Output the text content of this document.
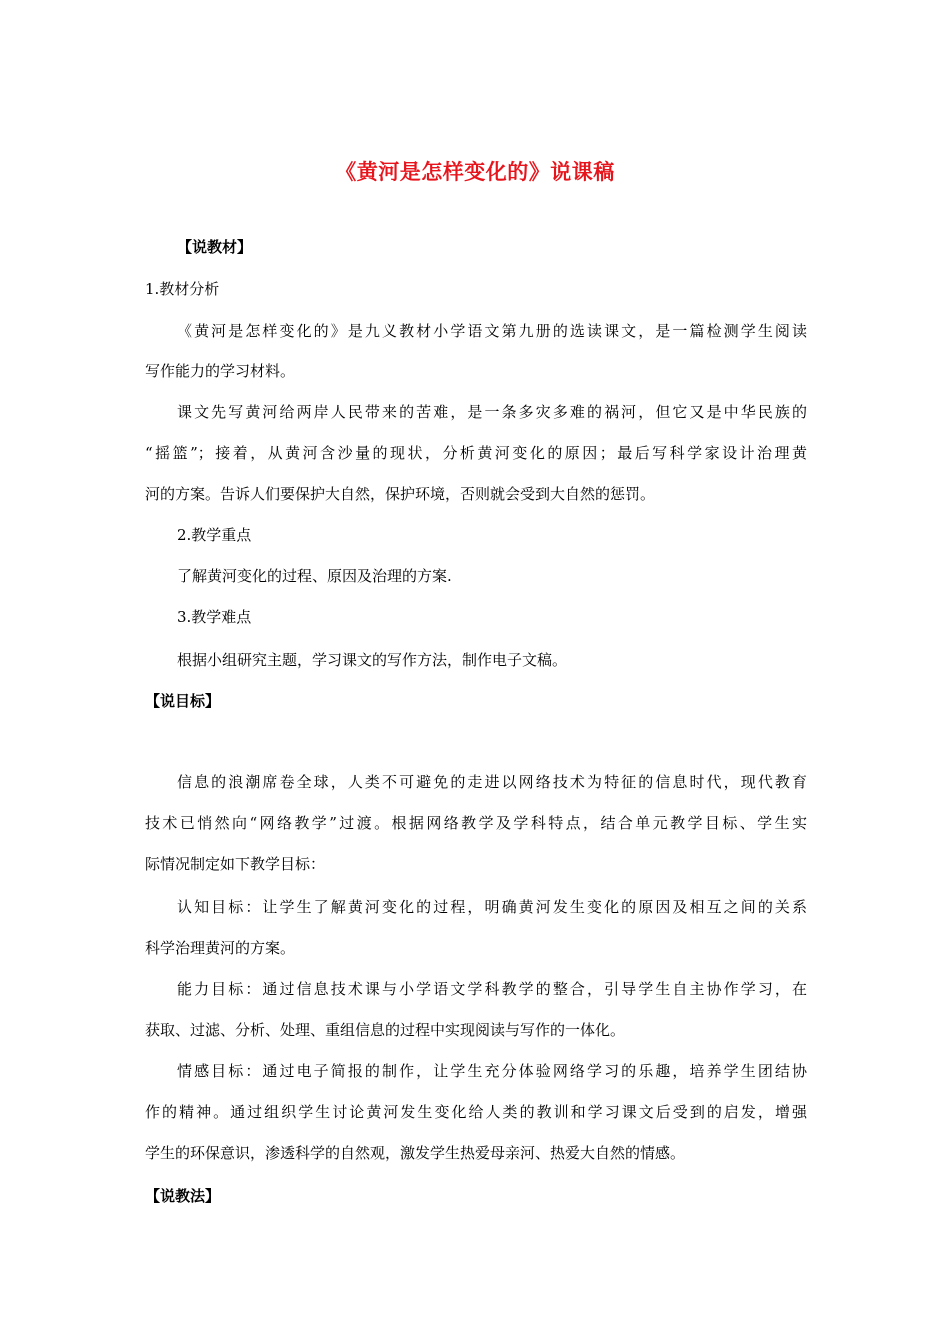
《黄河是怎样变化的》说课稿
【说教材】
1.教材分析
《黄河是怎样变化的》是九义教材小学语文第九册的选读课文，是一篇检测学生阅读
写作能力的学习材料。
课文先写黄河给两岸人民带来的苦难，是一条多灾多难的祸河，但它又是中华民族的
“摇篮”；接着，从黄河含沙量的现状，分析黄河变化的原因；最后写科学家设计治理黄
河的方案。告诉人们要保护大自然，保护环境，否则就会受到大自然的惩罚。
2.教学重点
了解黄河变化的过程、原因及治理的方案.
3.教学难点
根据小组研究主题，学习课文的写作方法，制作电子文稿。
【说目标】
信息的浪潮席卷全球，人类不可避免的走进以网络技术为特征的信息时代，现代教育
技术已悄然向“网络教学”过渡。根据网络教学及学科特点，结合单元教学目标、学生实
际情况制定如下教学目标：
认知目标：让学生了解黄河变化的过程，明确黄河发生变化的原因及相互之间的关系
科学治理黄河的方案。
能力目标：通过信息技术课与小学语文学科教学的整合，引导学生自主协作学习，在
获取、过滤、分析、处理、重组信息的过程中实现阅读与写作的一体化。
情感目标：通过电子简报的制作，让学生充分体验网络学习的乐趣，培养学生团结协
作的精神。通过组织学生讨论黄河发生变化给人类的教训和学习课文后受到的启发，增强
学生的环保意识，渗透科学的自然观，激发学生热爱母亲河、热爱大自然的情感。
【说教法】
